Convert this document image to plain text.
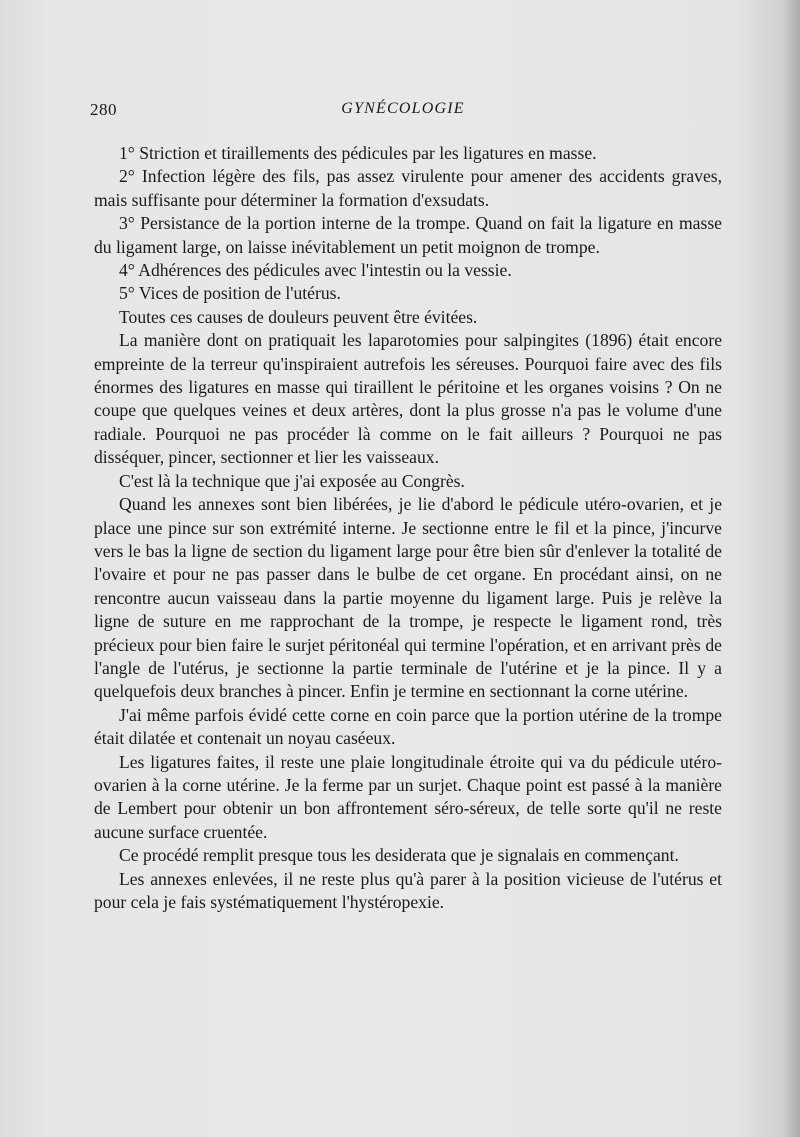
280	GYNÉCOLOGIE

1° Striction et tiraillements des pédicules par les ligatures en masse.

2° Infection légère des fils, pas assez virulente pour amener des accidents graves, mais suffisante pour déterminer la formation d'exsudats.

3° Persistance de la portion interne de la trompe. Quand on fait la ligature en masse du ligament large, on laisse inévitablement un petit moignon de trompe.

4° Adhérences des pédicules avec l'intestin ou la vessie.

5° Vices de position de l'utérus.

Toutes ces causes de douleurs peuvent être évitées.

La manière dont on pratiquait les laparotomies pour salpingites (1896) était encore empreinte de la terreur qu'inspiraient autrefois les séreuses. Pourquoi faire avec des fils énormes des ligatures en masse qui tiraillent le péritoine et les organes voisins ? On ne coupe que quelques veines et deux artères, dont la plus grosse n'a pas le volume d'une radiale. Pourquoi ne pas procéder là comme on le fait ailleurs ? Pourquoi ne pas disséquer, pincer, sectionner et lier les vaisseaux.

C'est là la technique que j'ai exposée au Congrès.

Quand les annexes sont bien libérées, je lie d'abord le pédicule utéro-ovarien, et je place une pince sur son extrémité interne. Je sectionne entre le fil et la pince, j'incurve vers le bas la ligne de section du ligament large pour être bien sûr d'enlever la totalité de l'ovaire et pour ne pas passer dans le bulbe de cet organe. En procédant ainsi, on ne rencontre aucun vaisseau dans la partie moyenne du ligament large. Puis je relève la ligne de suture en me rapprochant de la trompe, je respecte le ligament rond, très précieux pour bien faire le surjet péritonéal qui termine l'opération, et en arrivant près de l'angle de l'utérus, je sectionne la partie terminale de l'utérine et je la pince. Il y a quelquefois deux branches à pincer. Enfin je termine en sectionnant la corne utérine.

J'ai même parfois évidé cette corne en coin parce que la portion utérine de la trompe était dilatée et contenait un noyau caséeux.

Les ligatures faites, il reste une plaie longitudinale étroite qui va du pédicule utéro-ovarien à la corne utérine. Je la ferme par un surjet. Chaque point est passé à la manière de Lembert pour obtenir un bon affrontement séro-séreux, de telle sorte qu'il ne reste aucune surface cruentée.

Ce procédé remplit presque tous les desiderata que je signalais en commençant.

Les annexes enlevées, il ne reste plus qu'à parer à la position vicieuse de l'utérus et pour cela je fais systématiquement l'hystéropexie.
